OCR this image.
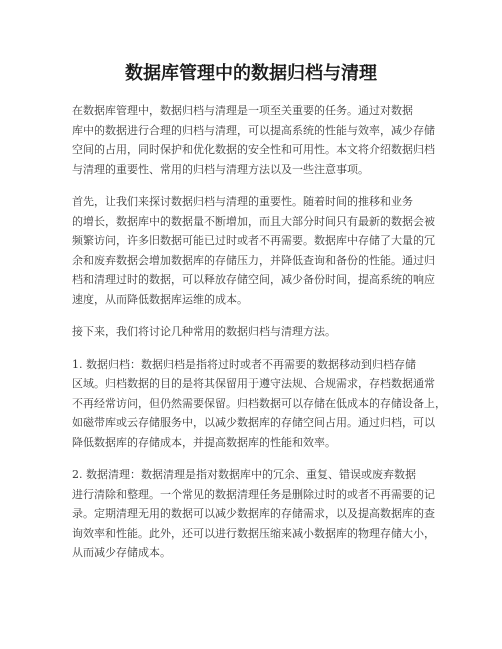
数据库管理中的数据归档与清理

在数据库管理中，数据归档与清理是一项至关重要的任务。通过对数据
库中的数据进行合理的归档与清理，可以提高系统的性能与效率，减少存储
空间的占用，同时保护和优化数据的安全性和可用性。本文将介绍数据归档
与清理的重要性、常用的归档与清理方法以及一些注意事项。

首先，让我们来探讨数据归档与清理的重要性。随着时间的推移和业务
的增长，数据库中的数据量不断增加，而且大部分时间只有最新的数据会被
频繁访问，许多旧数据可能已过时或者不再需要。数据库中存储了大量的冗
余和废弃数据会增加数据库的存储压力，并降低查询和备份的性能。通过归
档和清理过时的数据，可以释放存储空间，减少备份时间，提高系统的响应
速度，从而降低数据库运维的成本。

接下来，我们将讨论几种常用的数据归档与清理方法。

1. 数据归档：数据归档是指将过时或者不再需要的数据移动到归档存储
区域。归档数据的目的是将其保留用于遵守法规、合规需求，存档数据通常
不再经常访问，但仍然需要保留。归档数据可以存储在低成本的存储设备上，
如磁带库或云存储服务中，以减少数据库的存储空间占用。通过归档，可以
降低数据库的存储成本，并提高数据库的性能和效率。

2. 数据清理：数据清理是指对数据库中的冗余、重复、错误或废弃数据
进行清除和整理。一个常见的数据清理任务是删除过时的或者不再需要的记
录。定期清理无用的数据可以减少数据库的存储需求，以及提高数据库的查
询效率和性能。此外，还可以进行数据压缩来减小数据库的物理存储大小，
从而减少存储成本。
